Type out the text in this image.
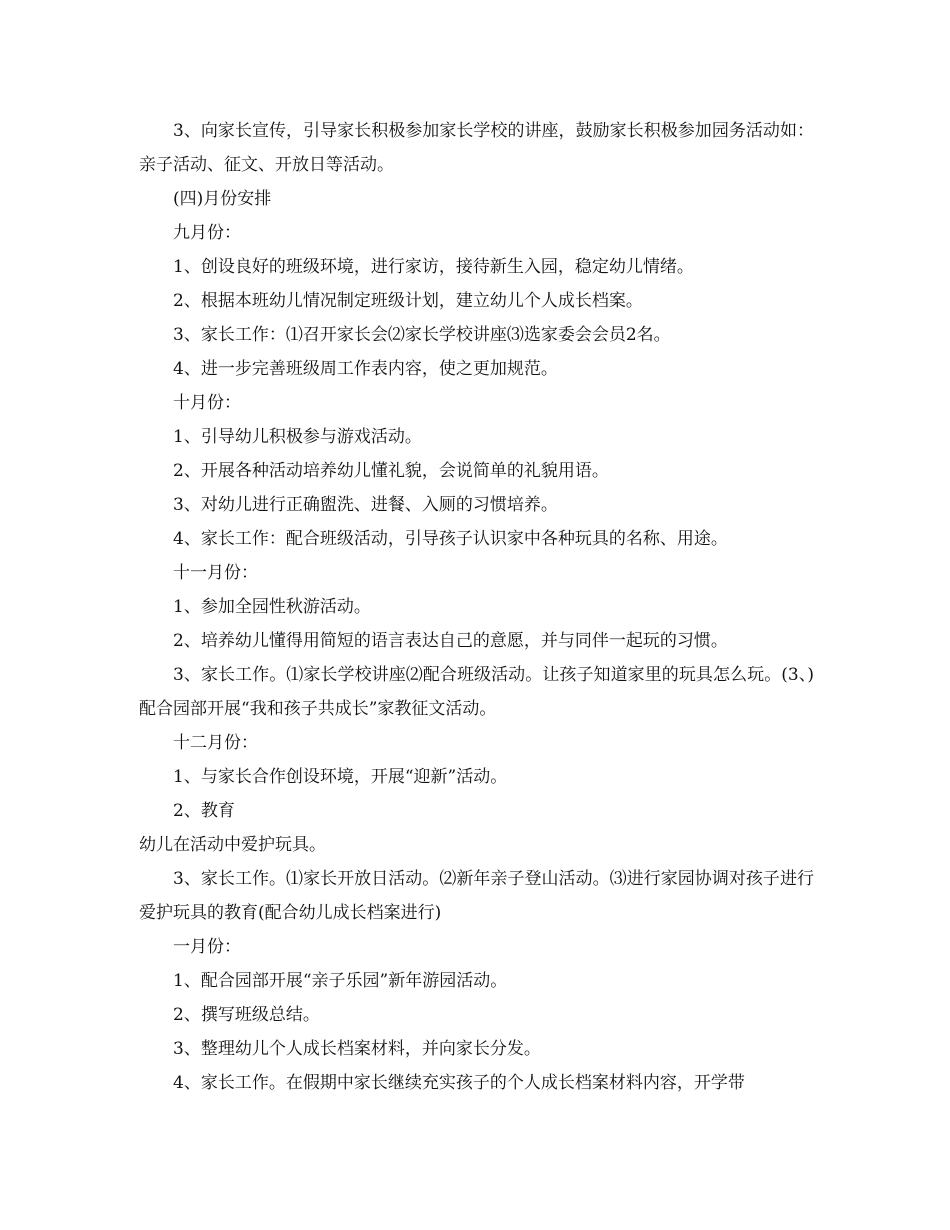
3、向家长宣传，引导家长积极参加家长学校的讲座，鼓励家长积极参加园务活动如：亲子活动、征文、开放日等活动。

(四)月份安排

九月份：

1、创设良好的班级环境，进行家访，接待新生入园，稳定幼儿情绪。

2、根据本班幼儿情况制定班级计划，建立幼儿个人成长档案。

3、家长工作：⑴召开家长会⑵家长学校讲座⑶选家委会会员2名。

4、进一步完善班级周工作表内容，使之更加规范。

十月份：

1、引导幼儿积极参与游戏活动。

2、开展各种活动培养幼儿懂礼貌，会说简单的礼貌用语。

3、对幼儿进行正确盥洗、进餐、入厕的习惯培养。

4、家长工作：配合班级活动，引导孩子认识家中各种玩具的名称、用途。

十一月份：

1、参加全园性秋游活动。

2、培养幼儿懂得用简短的语言表达自己的意愿，并与同伴一起玩的习惯。

3、家长工作。⑴家长学校讲座⑵配合班级活动。让孩子知道家里的玩具怎么玩。(3、)配合园部开展“我和孩子共成长”家教征文活动。

十二月份：

1、与家长合作创设环境，开展“迎新”活动。

2、教育

幼儿在活动中爱护玩具。

3、家长工作。⑴家长开放日活动。⑵新年亲子登山活动。⑶进行家园协调对孩子进行爱护玩具的教育(配合幼儿成长档案进行)

一月份：

1、配合园部开展“亲子乐园”新年游园活动。

2、撰写班级总结。

3、整理幼儿个人成长档案材料，并向家长分发。

4、家长工作。在假期中家长继续充实孩子的个人成长档案材料内容，开学带
